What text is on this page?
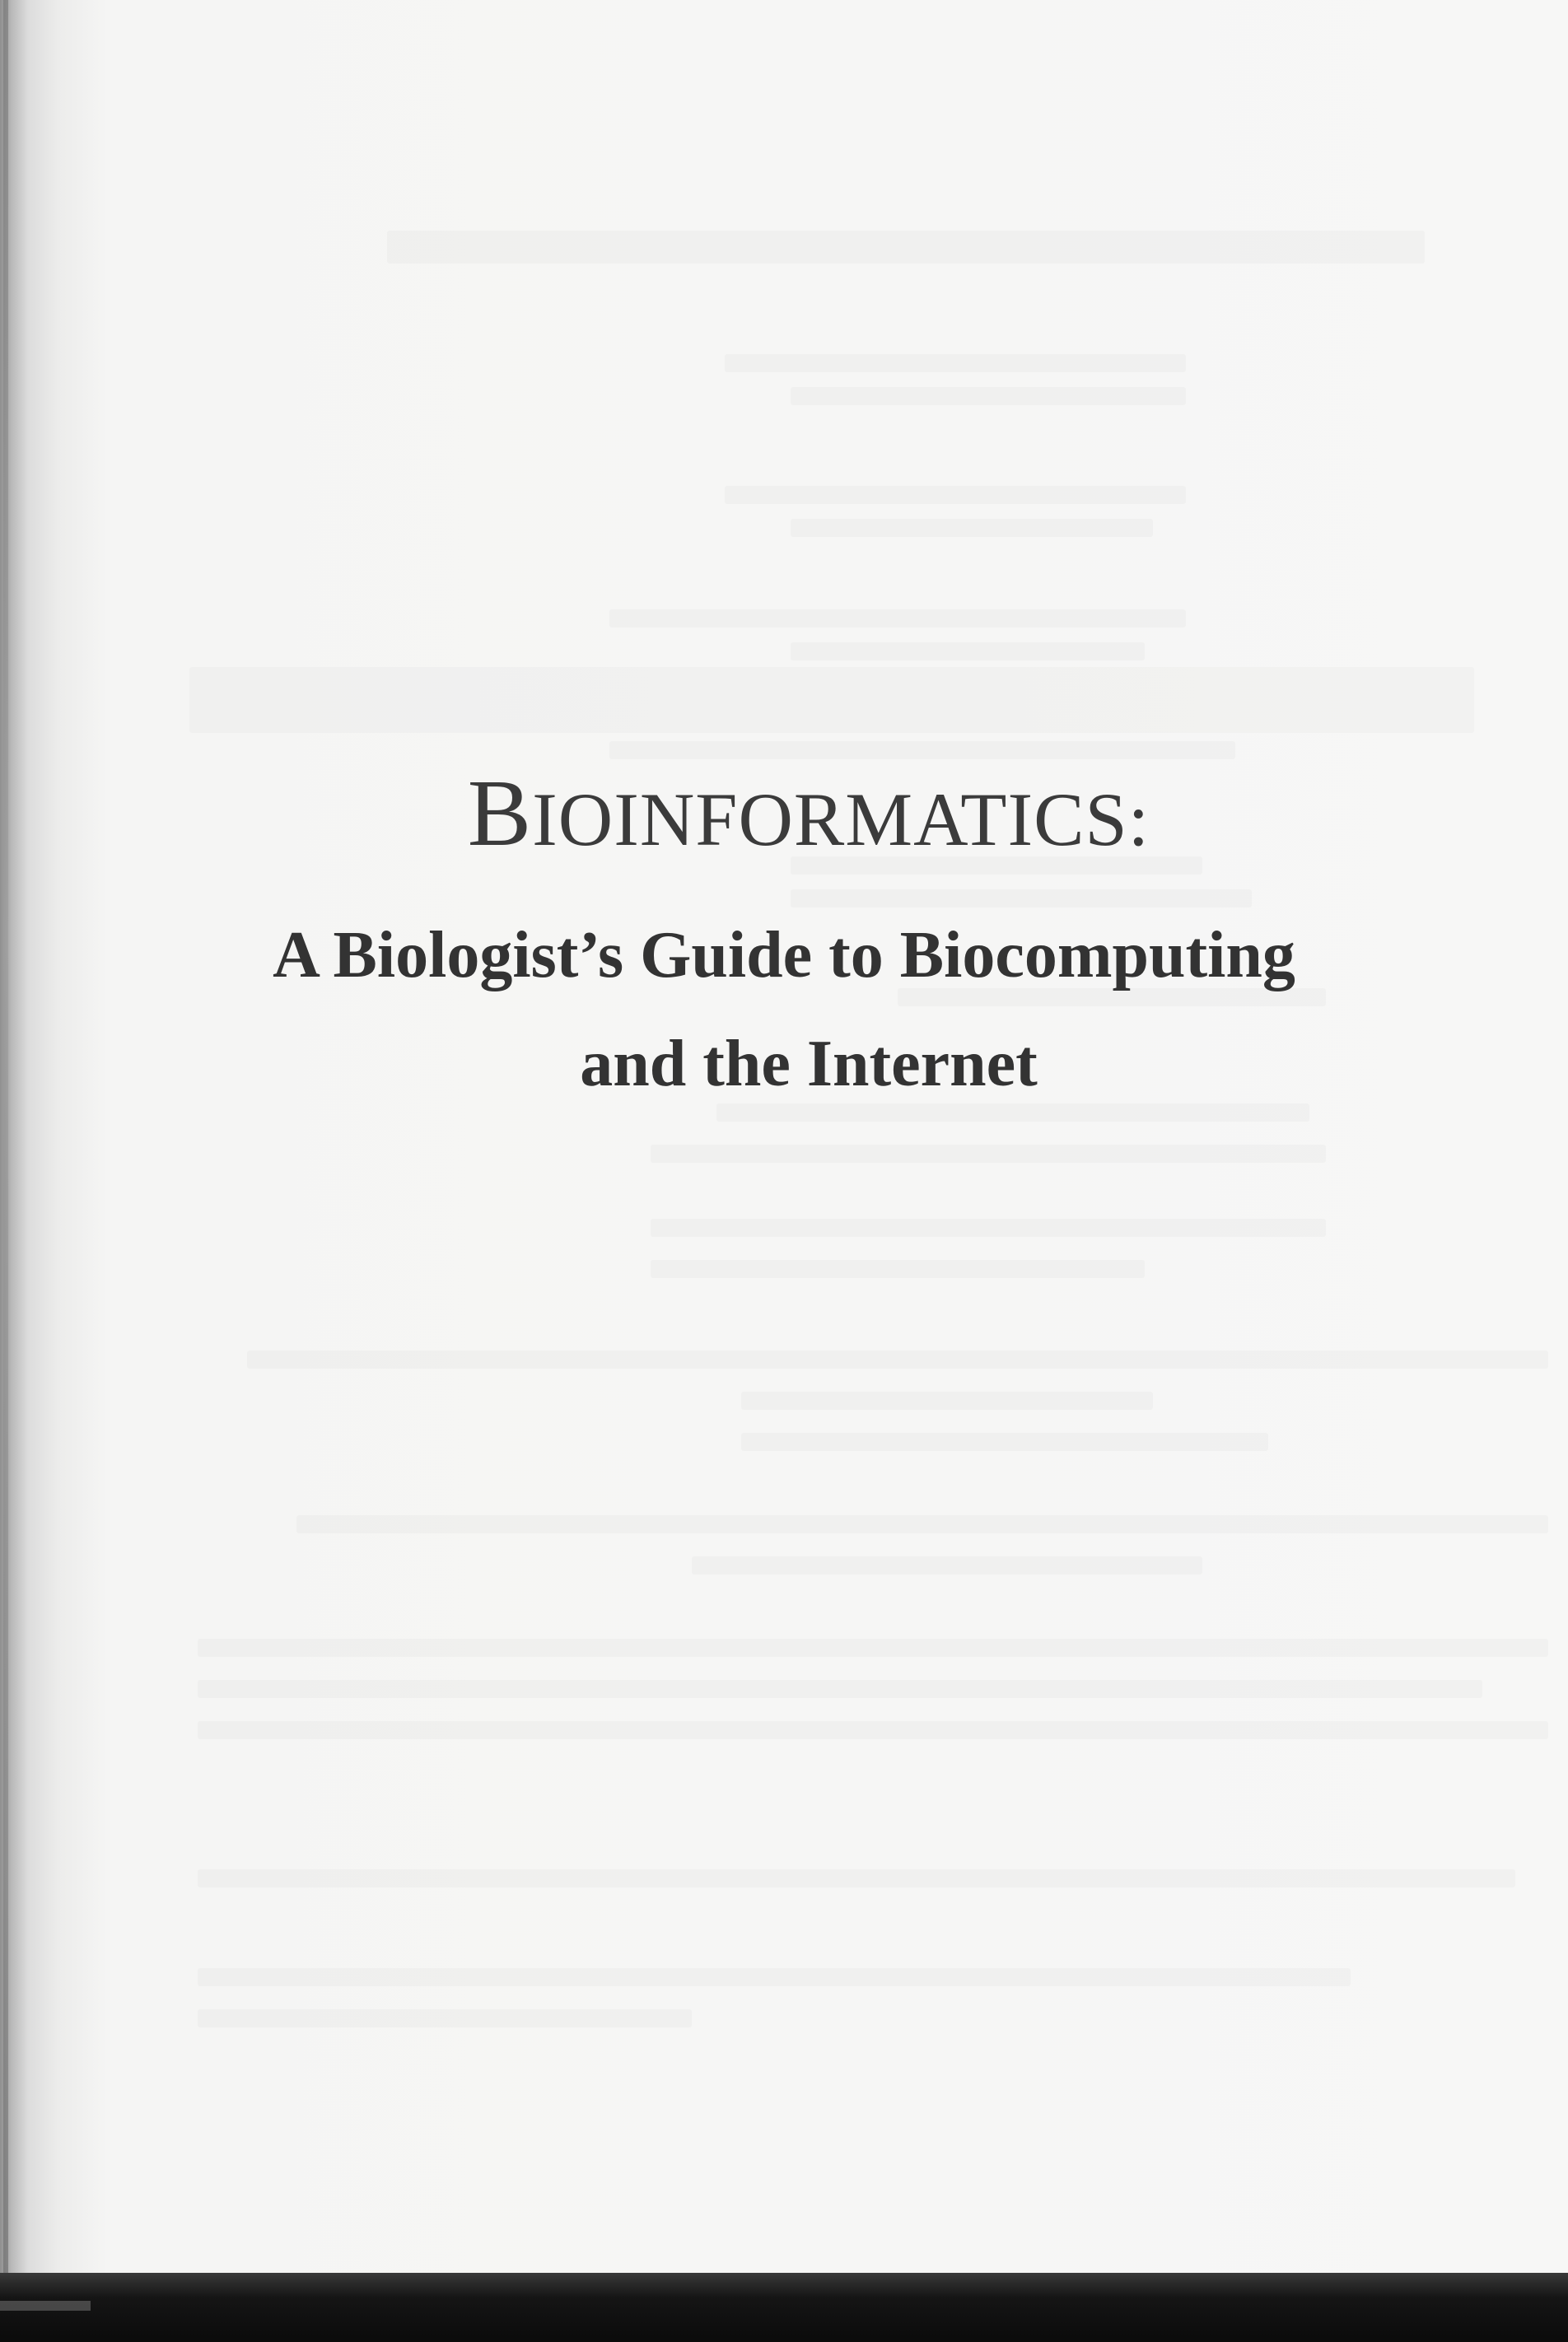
BIOINFORMATICS:

A Biologist’s Guide to Biocomputing

and the Internet
